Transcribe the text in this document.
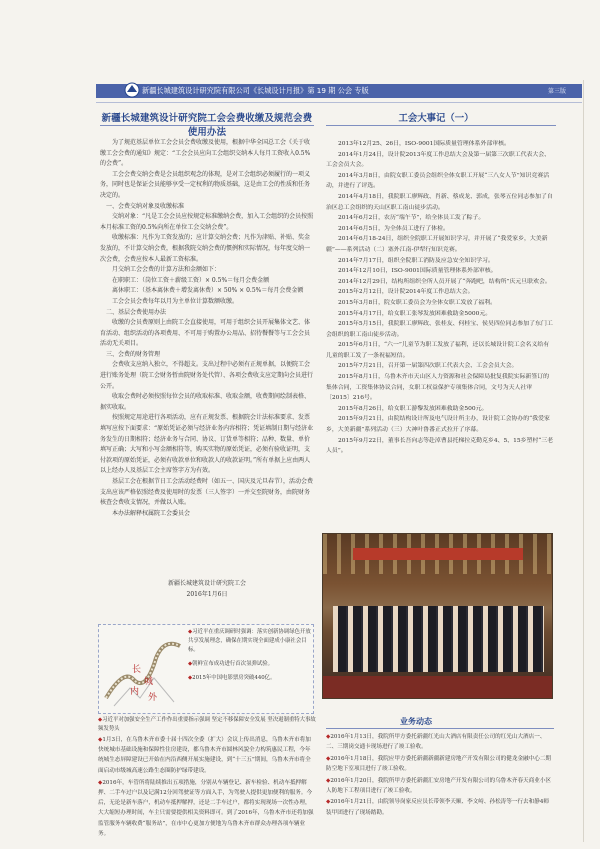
新疆长城建筑设计研究院有限公司《长城设计月报》第 19 期 公会 专版	第三版
新疆长城建筑设计研究院工会会费收缴及规范会费使用办法

为了规范基层单位工会会员会费收缴及使用，根据中华全国总工会《关于收缴工会会费的通知》规定：“工会会员应向工会组织交纳本人每月工资收入0.5%的会费”。

工会会费交纳会费是会员组织观念的体现，是对工会组织必须履行的一项义务，同时也是保证会员能够享受一定权利的物质基础，这是由工会的性质和任务决定的。

一、会费交纳对象及收缴标准

交纳对象：“凡是工会会员应按规定标准缴纳会费，加入工会组织的会员按照本月标准工资的0.5%向所在单位工会交纳会费”。

收缴标准：凡作为工资发放的；应计算交纳会费；凡作为津贴、补贴、奖金发放的，不计算交纳会费，根据我院交纳会费的惯例和实际情况，每年度交纳一次会费，会费应按本人最新工资标准。

月交纳工会会费的计算方法和金额如下：

在职职工：（岗位工资＋薪级工资）× 0.5%＝每月会费金额

离休职工：（基本离休费＋增发离休费）× 50% × 0.5%＝每月会费金额

工会会员会费每年以月为主单位计算数额收缴。

二、基层会费使用办法

收缴的会员费原则上由院工会直接使用，可用于组织会员开展集体文艺、体育活动、组织活动的各项费用、不可用于购置办公用品、招待餐餐等与工会会员活动无关项目。

三、会费的财务管理

会费收支应纳入独立，不得超支。支出过程中必须有正规单据，以便院工会进行账务处理（院工会财务暂由院财务处代管）、各项会费收支应定期向会员进行公开。

收取会费时必须按照每位会员的收取标准、收取金额，收费期间绘制表格、据实收取。

按照规定用途进行各项活动，应有正规发票、根据院会计法标准要求、发票填写应按下面要求：“原始凭证必须与经济业务内容相符；凭证填制日期与经济业务发生的日期相符；经济业务与合同、协议、订货单等相符；品种、数量、单价填写正确；大写和小写金额相符等，购买实物的原始凭证，必须有验收证明，支付款项的原始凭证，必须有收款单位和收款人的收款证明。”所有单据上应由两人以上经办人及基层工会主席签字方为有效。

基层工会在根据节日工会活动经费时（如五一、国庆及元旦春节），活动会费支出应该严格依照经费及使用时的发票（三人签字）一并交至院财务，由院财务核查会费收支情况，并做以入账。

本办法解释权属院工会委员会

新疆长城建筑设计研究院工会
2016年1月6日
长
城
内
外

◆习近平在重庆调研时强调：落实创新协调绿色开放共享发展理念，确保在期实现全面建成小康社会目标。

◆朝鲜宣布成功进行首次氢弹试验。

◆2015年中国电影票房突破440亿。

◆习近平对加强安全生产工作作出重要指示强调 坚定不移保障安全发展 坚决遏制重特大事故频发势头

◆1月3日，在乌鲁木齐市委十届十四次全委（扩大）会议上传出消息，乌鲁木齐市将加快统城市基础设施和保障性住房建设，都乌鲁木齐市圆林风貌全力构筑惠民工程，今年统城生态屏障建设已开始在内沿西侧开展实施建设，到“十三五”期间，乌鲁木齐市将全面启动市级城高速公路生态圈防护绿带建设。

◆2016年，车管所将陆续推出五项措施，分别从车辆登记、新车检验、机动车抵押解押、二手车过户以及记满12分回驾驶证等方面入手，为驾驶人提供更加便利的服务。今后，无论是新车落户，机动车抵押解押，还是二手车过户，都将实现现场一次性办理，大大缩短办理时间，车主只需要提供相关资料即可。到了2016年，乌鲁木齐市还将加强监管服务车辆收费“服务站”，在市中心更加方便地为乌鲁木齐市群众办理各项车辆业务。

工会大事记（一）

2013年12月25、26日，ISO-9001国际质量管理体系外部审核。

2014年1月24日，设计院2013年度工作总结大会及第一届第三次职工代表大会、工会会员大会。

2014年3月8日，由院女职工委员会组织全体女职工开展“三八女人节”知识竞赛活动，并进行了评选。

2014年4月18日，我院职工廖辉政、肖新、蔡成龙、郭成，张琴五位同志参加了自治区总工会组织的天山区职工南山徒步活动。

2014年6月2日，农历“端午节”，给全体员工发了粽子。

2014年6月5日，为全体员工进行了体检。

2014年6月18-24日，组织全院职工开展知识学习，并开展了“我爱家乡，大美新疆”——系列活动（二）塞外江南-伊犁行知识竞赛。

2014年7月17日，组织全院职工消防及应急安全知识学习。

2014年12月10日，ISO-9001国际质量管理体系外部审核。

2014年12月29日，结构所组织全所人员开展了“奔跑吧，结构所”庆元旦联欢会。

2015年2月12日，设计院2014年度工作总结大会。

2015年3月8日，院女职工委员会为全体女职工发放了福利。

2015年4月17日，给女职工张琴发放困难救助金5000元。

2015年5月15日，我院职工廖辉政、张桂友、何桂宝、侯昊四位同志参加了东门工会组织的职工南山徒步活动。

2015年6月1日，“六一”儿童节为职工发放了福利，还以长城设计院工会名义给有儿童的职工发了一条祝福短信。

2015年7月21日，召开第一届第四次职工代表大会、工会会员大会。

2015年8月1日，乌鲁木齐市天山区人力资源和社会保障局批复我院实际新签订的集体合同，工资集体协议合同，女职工权益保护专项集体合同，文号为天人社审〔2015〕216号。

2015年8月26日，给女职工游黎发放困难救助金500元。

2015年9月21日，由院结构设计所及电气设计所主办，设计院工会协办的“我爱家乡，大美新疆”系列活动（三）大神叶鲁番正式拉开了序幕。

2015年9月22日，董事长吾向志等赴淖曹县托梯拉克勤克乡4、5、15乡塑村“三老人员”。

业务动态

◆2016年1月13日，我院所甲方委托新疆红光山大酒店有限责任公司的红光山大酒店一、二、三期岗交通卡现场进行了竣工验收。

◆2016年1月18日，我院应甲方委托新疆新疆新建房地产开发有限公司的健龙金融中心二期防空地下室项目进行了竣工验收。

◆2016年1月20日，我院所甲方委托新疆汇安房地产开发有限公司的乌鲁木齐春天商业小区人防地下工程项目进行了竣工验收。

◆2016年1月21日，由院领导岗家反应员长带领李天顺、李文峙、孙松涛等一行去和静4师装甲团进行了现场踏勘。
